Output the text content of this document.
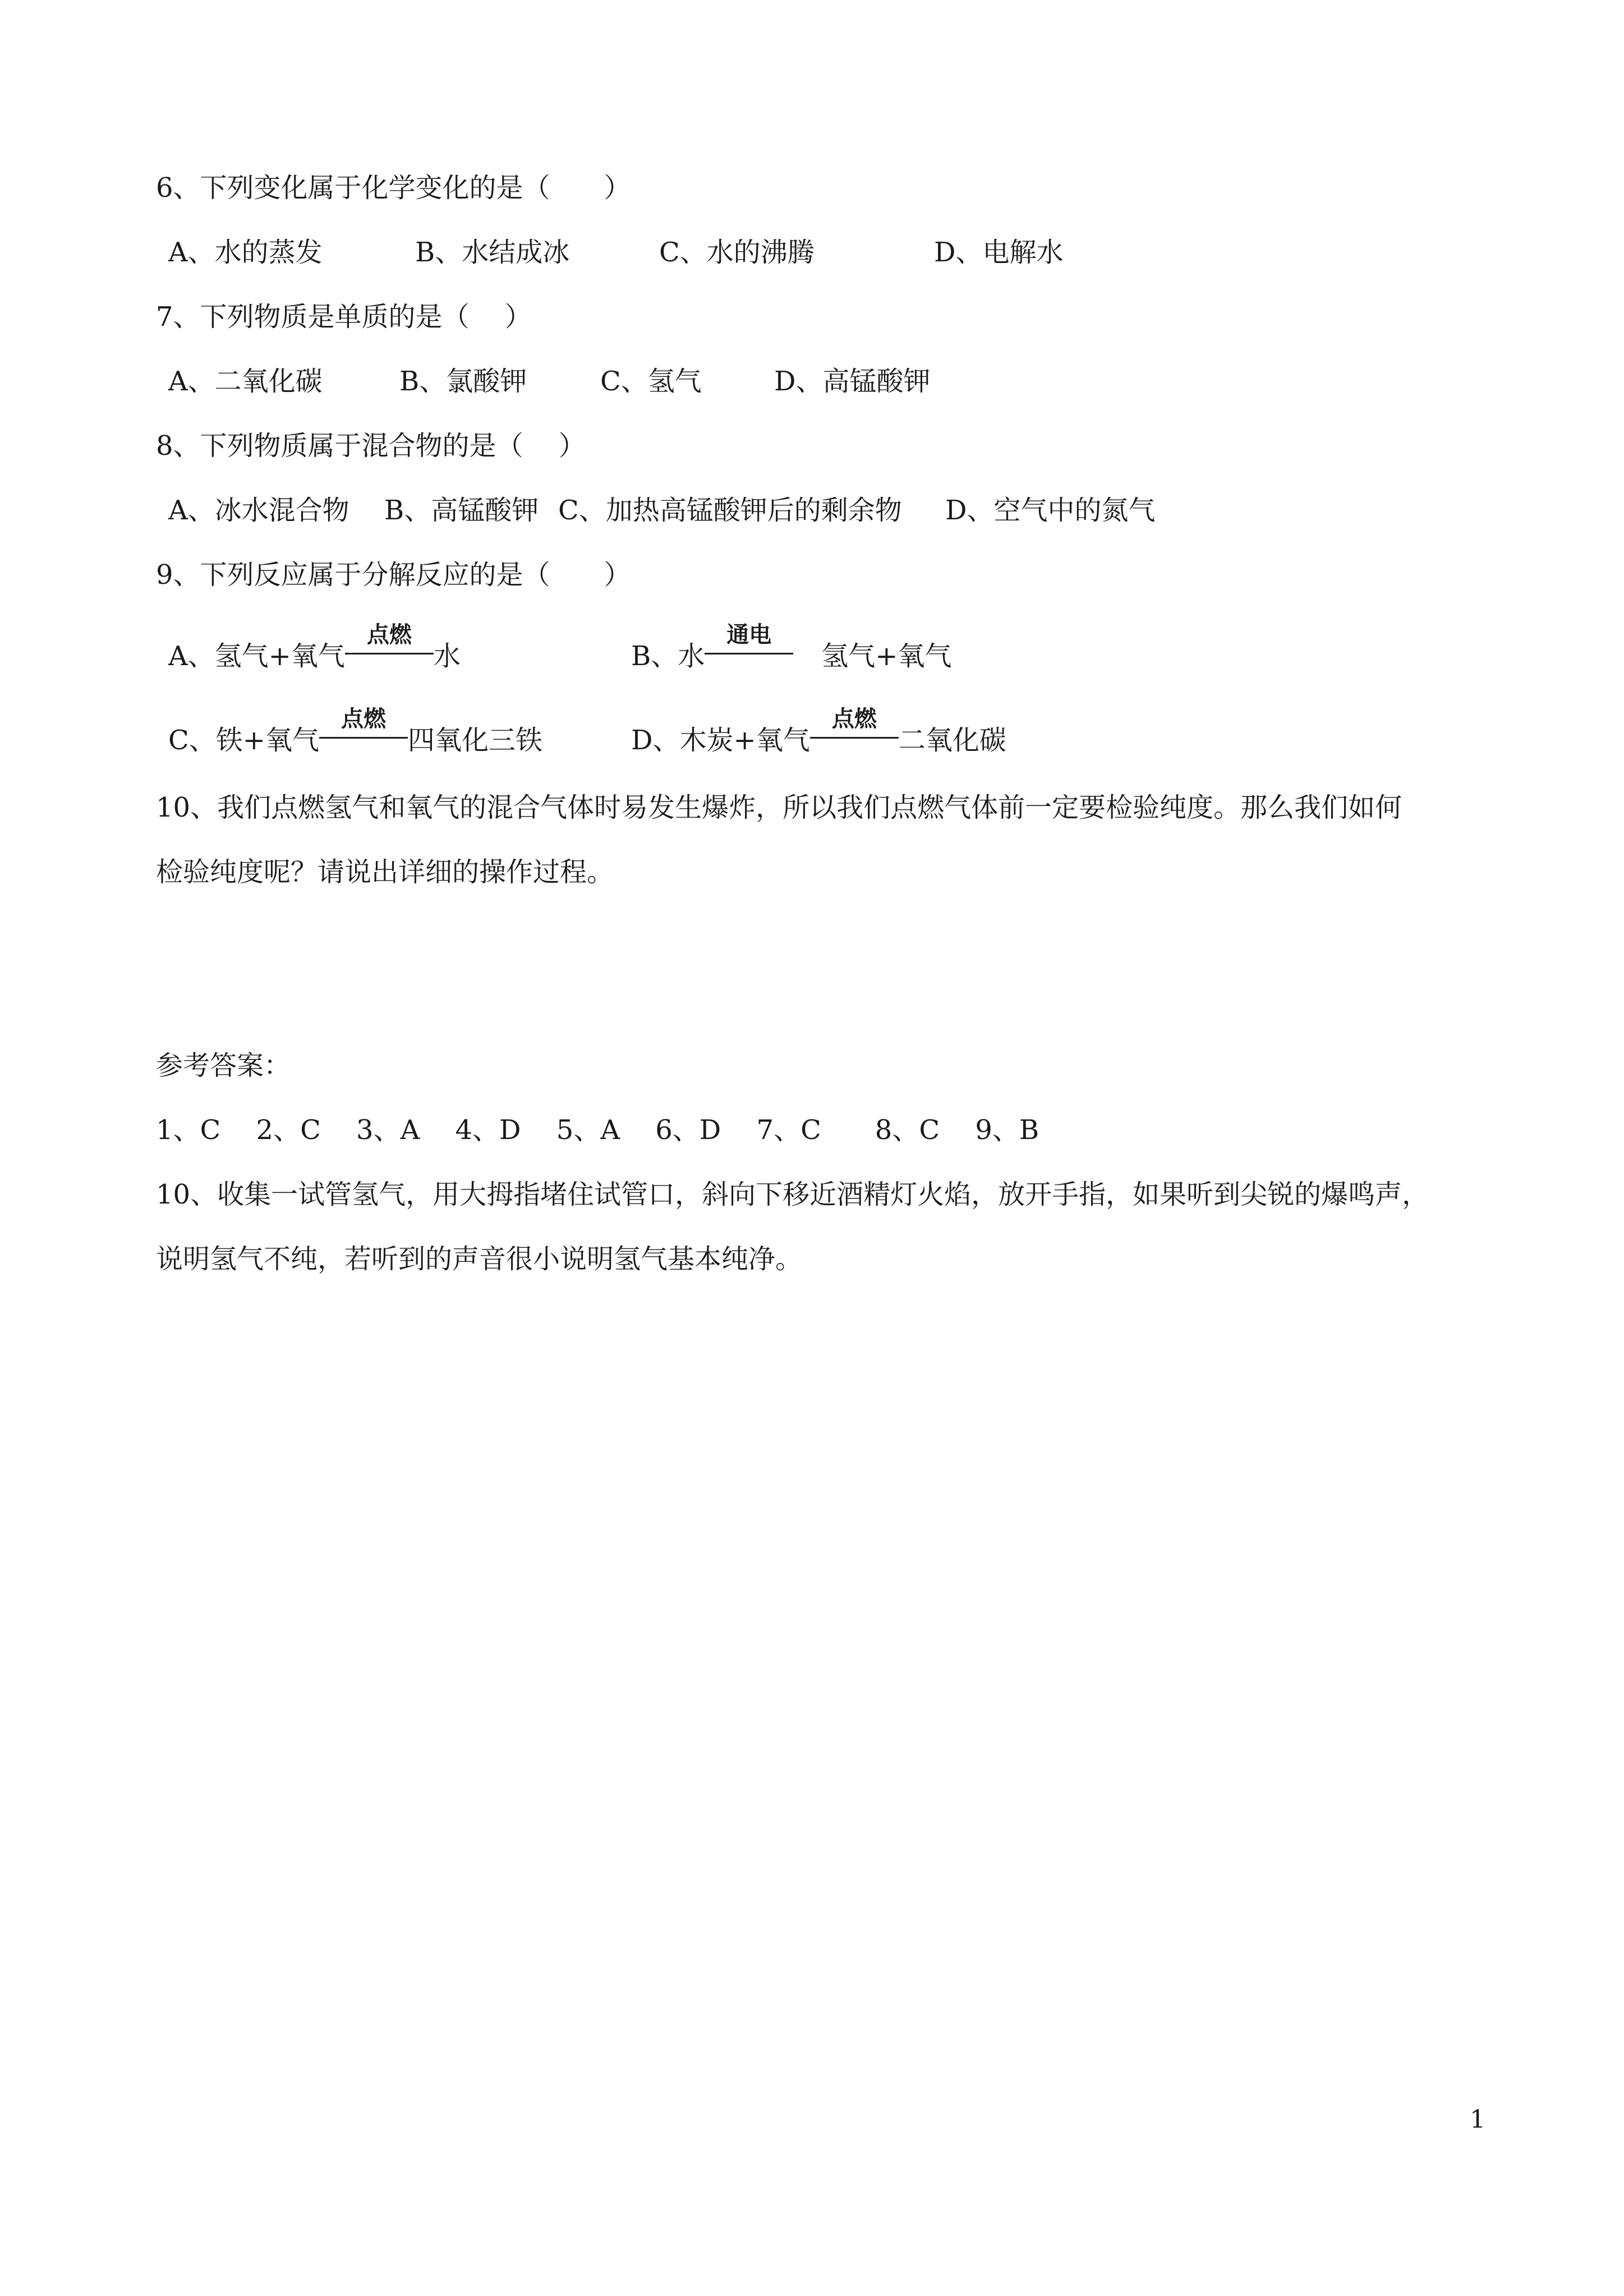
6、下列变化属于化学变化的是（　　）
A、水的蒸发	B、水结成冰	C、水的沸腾	D、电解水
7、下列物质是单质的是（　 ）
A、二氧化碳	B、氯酸钾	C、氢气	D、高锰酸钾
8、下列物质属于混合物的是（　 ）
A、冰水混合物 B、高锰酸钾 C、加热高锰酸钾后的剩余物 D、空气中的氮气
9、下列反应属于分解反应的是（　　）
A、氢气+氧气
点燃
水	B、水
通电
氢气+氧气
C、铁+氧气
点燃
四氧化三铁	D、木炭+氧气
点燃
二氧化碳
10、我们点燃氢气和氧气的混合气体时易发生爆炸，所以我们点燃气体前一定要检验纯度。那么我们如何
检验纯度呢？请说出详细的操作过程。
参考答案：
1、C　 2、C　 3、A　 4、D　 5、A　 6、D　 7、C　　8、C　 9、B
10、收集一试管氢气，用大拇指堵住试管口，斜向下移近酒精灯火焰，放开手指，如果听到尖锐的爆鸣声，
说明氢气不纯，若听到的声音很小说明氢气基本纯净。
1
